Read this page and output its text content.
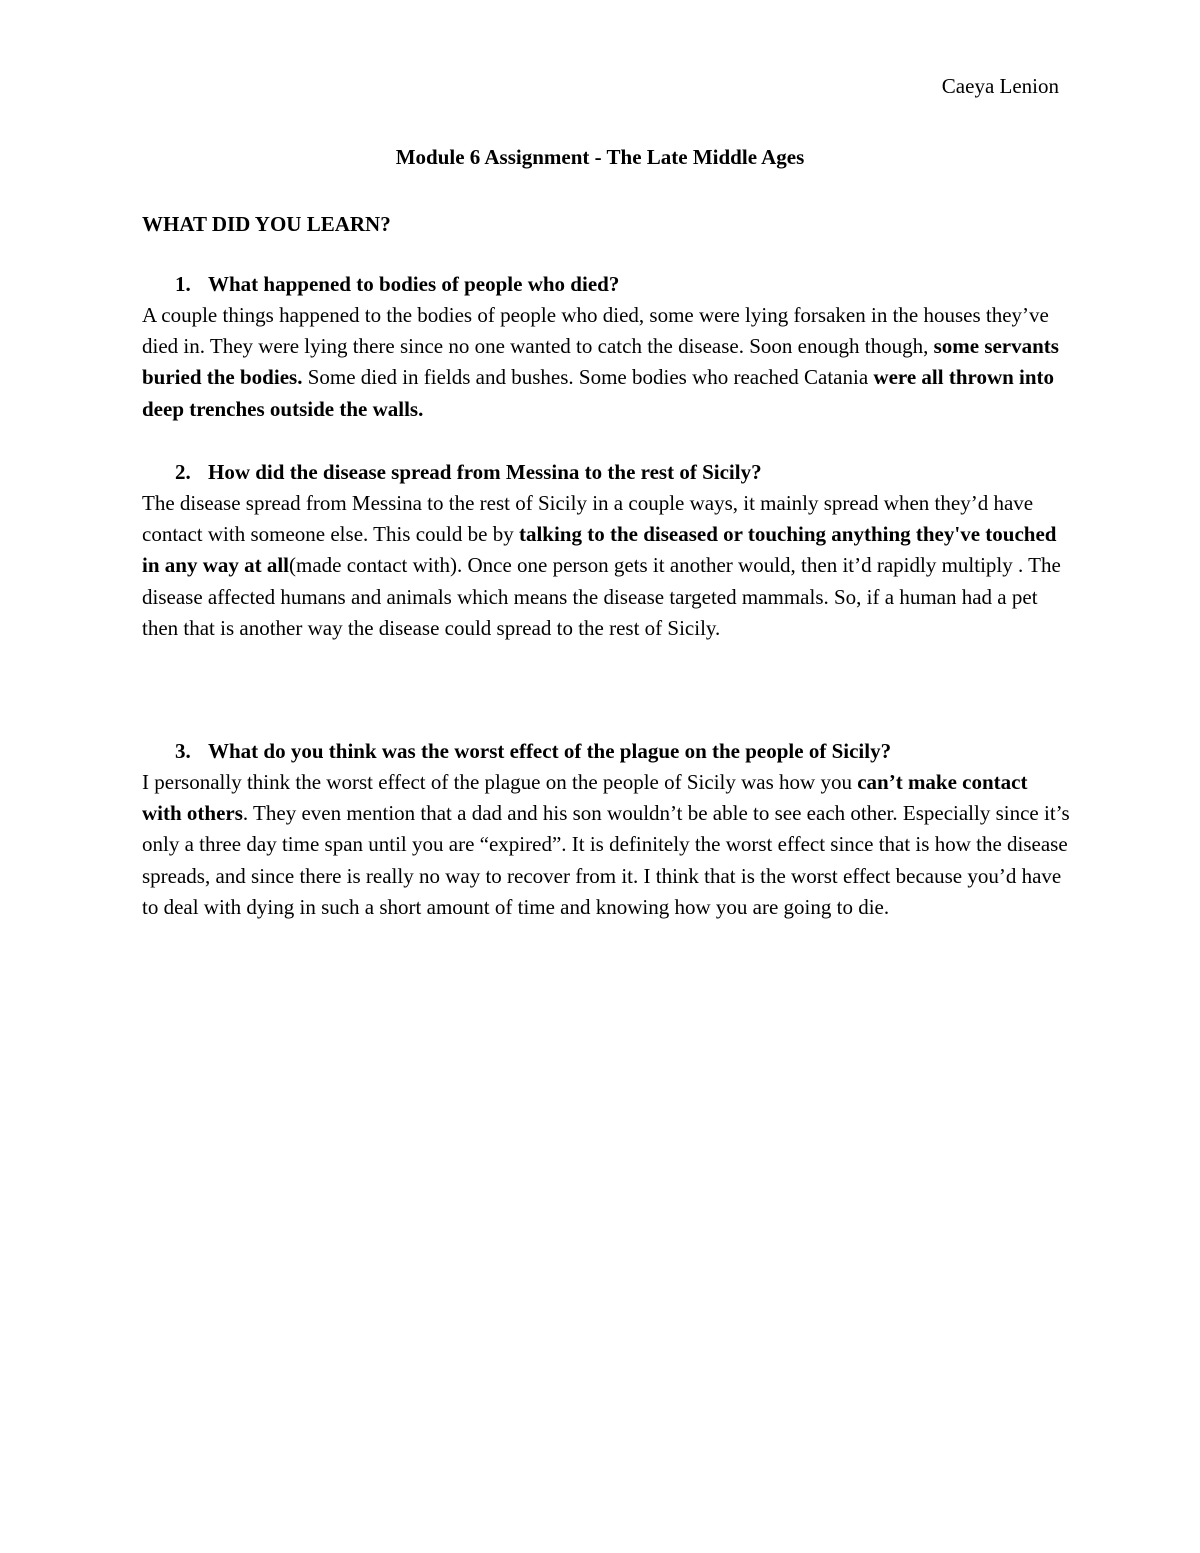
Caeya Lenion
Module 6 Assignment - The Late Middle Ages
WHAT DID YOU LEARN?
1. What happened to bodies of people who died?

A couple things happened to the bodies of people who died, some were lying forsaken in the houses they’ve died in. They were lying there since no one wanted to catch the disease. Soon enough though, some servants buried the bodies. Some died in fields and bushes. Some bodies who reached Catania were all thrown into deep trenches outside the walls.

2. How did the disease spread from Messina to the rest of Sicily?

The disease spread from Messina to the rest of Sicily in a couple ways, it mainly spread when they’d have contact with someone else. This could be by talking to the diseased or touching anything they've touched in any way at all(made contact with). Once one person gets it another would, then it’d rapidly multiply . The disease affected humans and animals which means the disease targeted mammals. So, if a human had a pet then that is another way the disease could spread to the rest of Sicily.

3. What do you think was the worst effect of the plague on the people of Sicily?

I personally think the worst effect of the plague on the people of Sicily was how you can’t make contact with others. They even mention that a dad and his son wouldn’t be able to see each other. Especially since it’s only a three day time span until you are “expired”. It is definitely the worst effect since that is how the disease spreads, and since there is really no way to recover from it. I think that is the worst effect because you’d have to deal with dying in such a short amount of time and knowing how you are going to die.
